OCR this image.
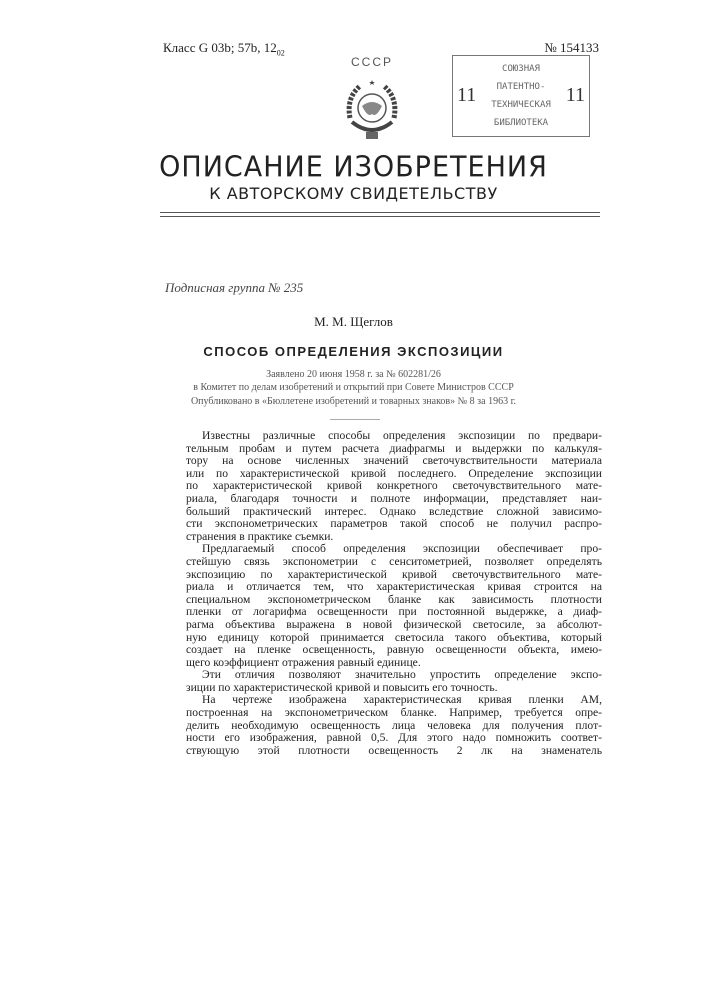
Класс G 03b; 57b, 1202	№ 154133
СССР	СОЮЗНАЯ
ПАТЕНТНО-
ТЕХНИЧЕСКАЯ
БИБЛИОТЕКА
11	11
ОПИСАНИЕ ИЗОБРЕТЕНИЯ
К АВТОРСКОМУ СВИДЕТЕЛЬСТВУ
Подписная группа № 235
М. М. Щеглов
СПОСОБ ОПРЕДЕЛЕНИЯ ЭКСПОЗИЦИИ
Заявлено 20 июня 1958 г. за № 602281/26
в Комитет по делам изобретений и открытий при Совете Министров СССР
Опубликовано в «Бюллетене изобретений и товарных знаков» № 8 за 1963 г.
Известны различные способы определения экспозиции по предвари-
тельным пробам и путем расчета диафрагмы и выдержки по калькуля-
тору на основе численных значений светочувствительности материала
или по характеристической кривой последнего. Определение экспозиции
по характеристической кривой конкретного светочувствительного мате-
риала, благодаря точности и полноте информации, представляет наи-
больший практический интерес. Однако вследствие сложной зависимо-
сти экспонометрических параметров такой способ не получил распро-
странения в практике съемки.
Предлагаемый способ определения экспозиции обеспечивает про-
стейшую связь экспонометрии с сенситометрией, позволяет определять
экспозицию по характеристической кривой светочувствительного мате-
риала и отличается тем, что характеристическая кривая строится на
специальном экспонометрическом бланке как зависимость плотности
пленки от логарифма освещенности при постоянной выдержке, а диаф-
рагма объектива выражена в новой физической светосиле, за абсолют-
ную единицу которой принимается светосила такого объектива, который
создает на пленке освещенность, равную освещенности объекта, имею-
щего коэффициент отражения равный единице.
Эти отличия позволяют значительно упростить определение экспо-
зиции по характеристической кривой и повысить его точность.
На чертеже изображена характеристическая кривая пленки АМ,
построенная на экспонометрическом бланке. Например, требуется опре-
делить необходимую освещенность лица человека для получения плот-
ности его изображения, равной 0,5. Для этого надо помножить соответ-
ствующую этой плотности освещенность 2 лк на знаменатель
